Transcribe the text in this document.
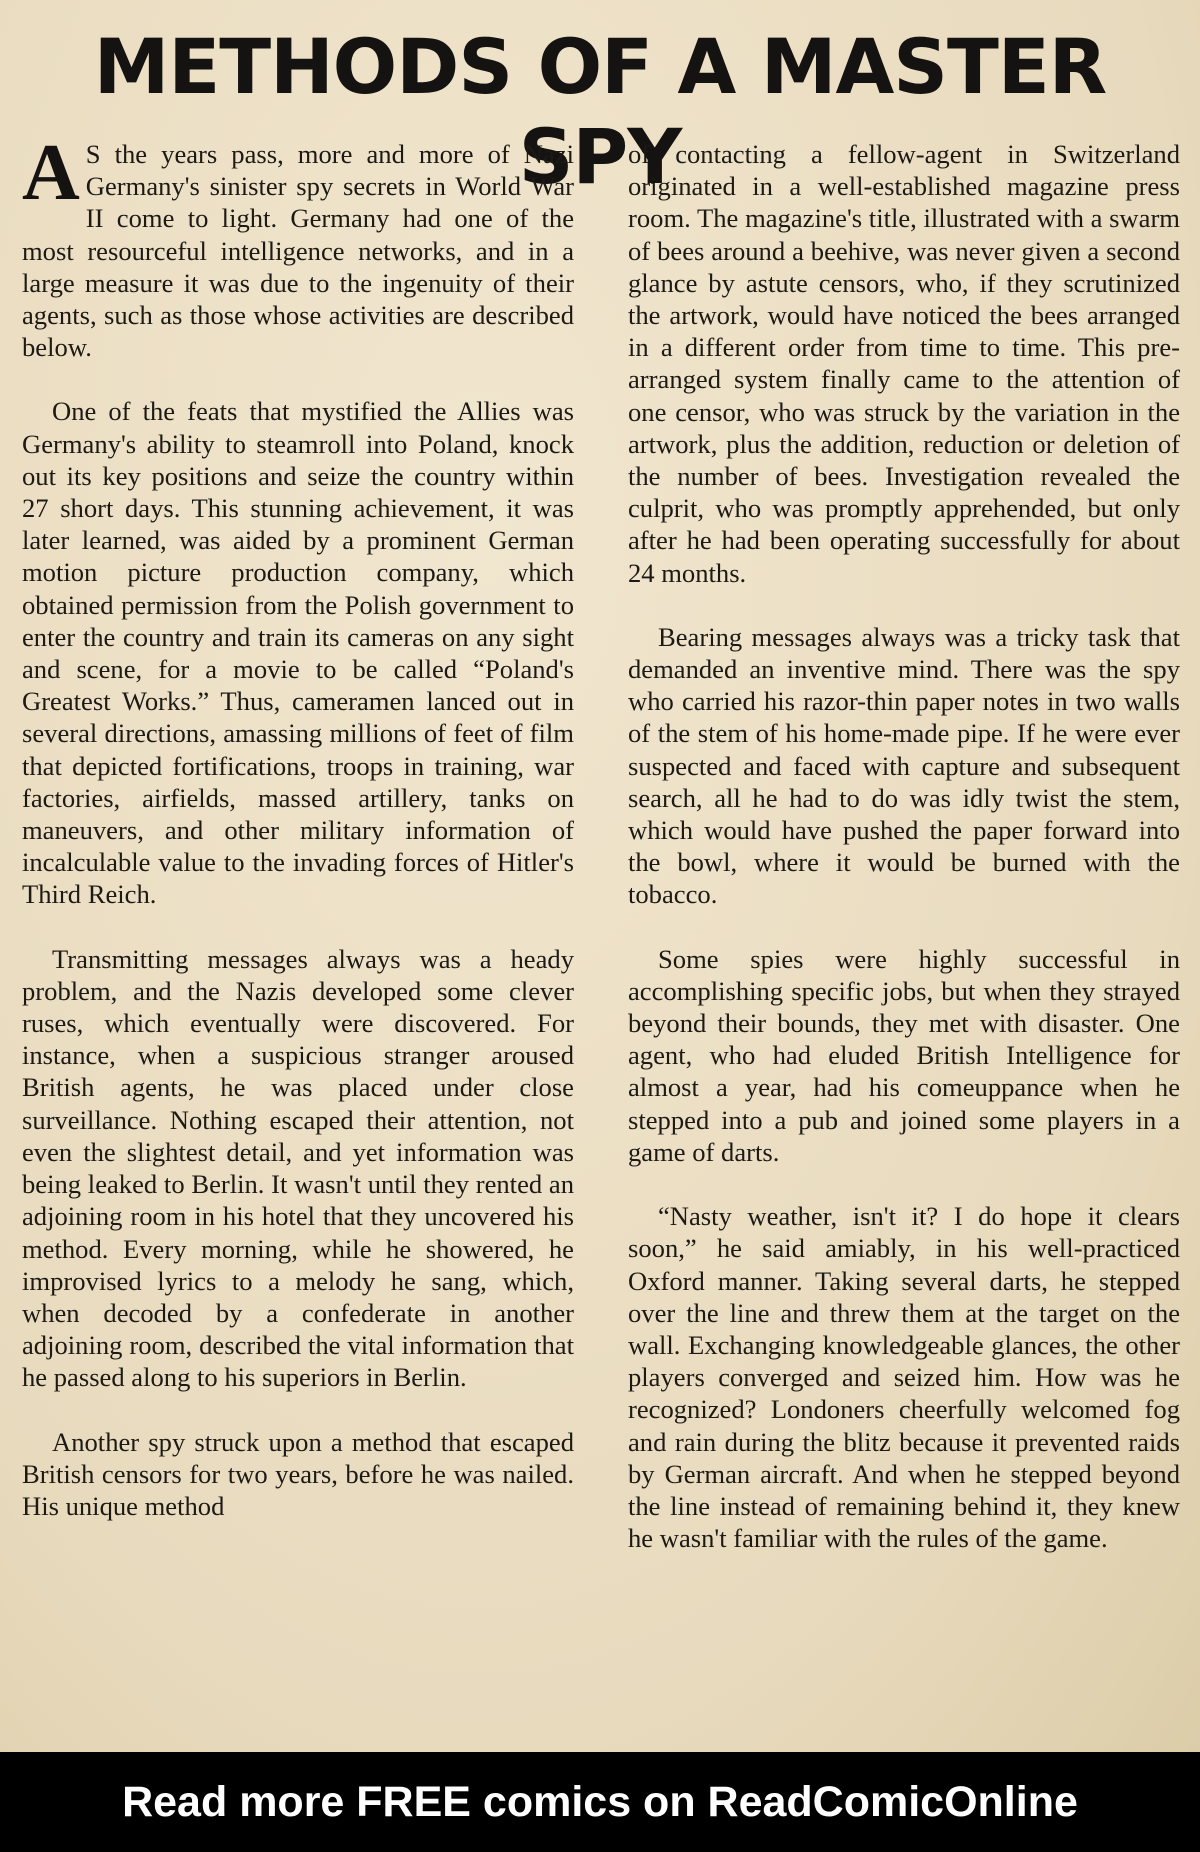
METHODS OF A MASTER SPY

A S the years pass, more and more of Nazi Germany's sinister spy secrets in World War II come to light. Germany had one of the most resourceful intelligence networks, and in a large measure it was due to the ingenuity of their agents, such as those whose activities are described below.

One of the feats that mystified the Allies was Germany's ability to steamroll into Poland, knock out its key positions and seize the country within 27 short days. This stunning achievement, it was later learned, was aided by a prominent German motion picture production company, which obtained permission from the Polish government to enter the country and train its cameras on any sight and scene, for a movie to be called “Poland's Greatest Works.” Thus, cameramen lanced out in several directions, amassing millions of feet of film that depicted fortifications, troops in training, war factories, airfields, massed artillery, tanks on maneuvers, and other military information of incalculable value to the invading forces of Hitler's Third Reich.

Transmitting messages always was a heady problem, and the Nazis developed some clever ruses, which eventually were discovered. For instance, when a suspicious stranger aroused British agents, he was placed under close surveillance. Nothing escaped their attention, not even the slightest detail, and yet information was being leaked to Berlin. It wasn't until they rented an adjoining room in his hotel that they uncovered his method. Every morning, while he showered, he improvised lyrics to a melody he sang, which, when decoded by a confederate in another adjoining room, described the vital information that he passed along to his superiors in Berlin.

Another spy struck upon a method that escaped British censors for two years, before he was nailed. His unique method

of contacting a fellow-agent in Switzerland originated in a well-established magazine press room. The magazine's title, illustrated with a swarm of bees around a beehive, was never given a second glance by astute censors, who, if they scrutinized the artwork, would have noticed the bees arranged in a different order from time to time. This pre-arranged system finally came to the attention of one censor, who was struck by the variation in the artwork, plus the addition, reduction or deletion of the number of bees. Investigation revealed the culprit, who was promptly apprehended, but only after he had been operating successfully for about 24 months.

Bearing messages always was a tricky task that demanded an inventive mind. There was the spy who carried his razor-thin paper notes in two walls of the stem of his home-made pipe. If he were ever suspected and faced with capture and subsequent search, all he had to do was idly twist the stem, which would have pushed the paper forward into the bowl, where it would be burned with the tobacco.

Some spies were highly successful in accomplishing specific jobs, but when they strayed beyond their bounds, they met with disaster. One agent, who had eluded British Intelligence for almost a year, had his comeuppance when he stepped into a pub and joined some players in a game of darts.

“Nasty weather, isn't it? I do hope it clears soon,” he said amiably, in his well-practiced Oxford manner. Taking several darts, he stepped over the line and threw them at the target on the wall. Exchanging knowledgeable glances, the other players converged and seized him. How was he recognized? Londoners cheerfully welcomed fog and rain during the blitz because it prevented raids by German aircraft. And when he stepped beyond the line instead of remaining behind it, they knew he wasn't familiar with the rules of the game.

Read more FREE comics on ReadComicOnline
